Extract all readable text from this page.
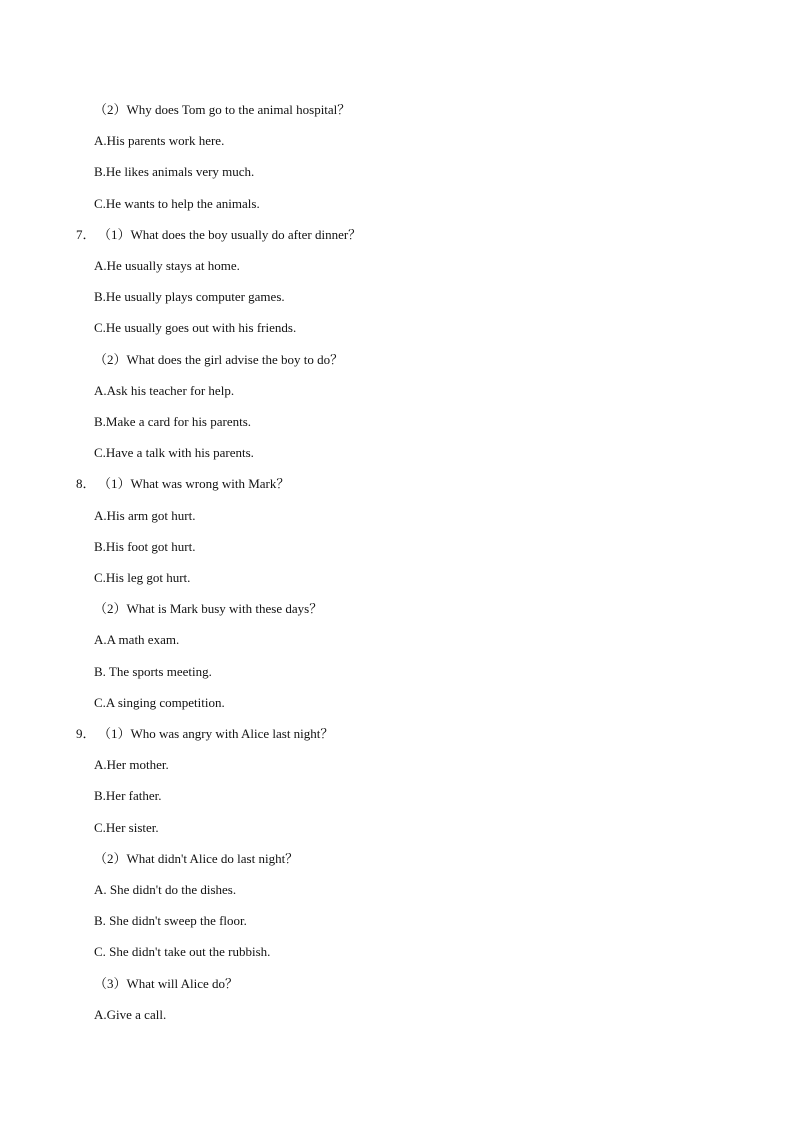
（2）Why does Tom go to the animal hospital？
A.His parents work here.
B.He likes animals very much.
C.He wants to help the animals.
7． （1）What does the boy usually do after dinner？
A.He usually stays at home.
B.He usually plays computer games.
C.He usually goes out with his friends.
（2）What does the girl advise the boy to do？
A.Ask his teacher for help.
B.Make a card for his parents.
C.Have a talk with his parents.
8． （1）What was wrong with Mark？
A.His arm got hurt.
B.His foot got hurt.
C.His leg got hurt.
（2）What is Mark busy with these days？
A.A math exam.
B. The sports meeting.
C.A singing competition.
9． （1）Who was angry with Alice last night？
A.Her mother.
B.Her father.
C.Her sister.
（2）What didn't Alice do last night？
A. She didn't do the dishes.
B. She didn't sweep the floor.
C. She didn't take out the rubbish.
（3）What will Alice do？
A.Give a call.
